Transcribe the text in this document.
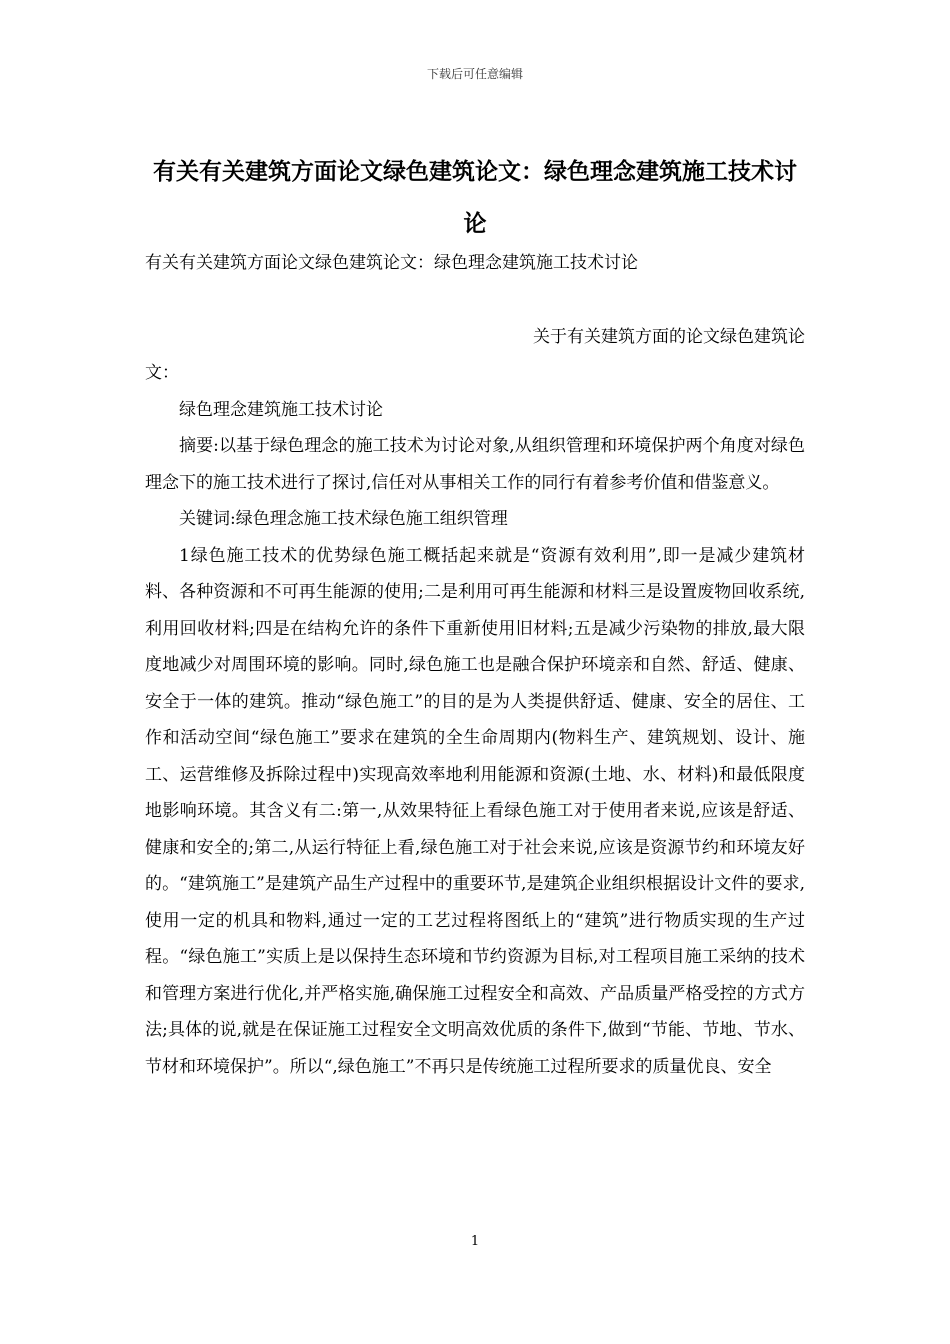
下载后可任意编辑
有关有关建筑方面论文绿色建筑论文：绿色理念建筑施工技术讨论

有关有关建筑方面论文绿色建筑论文：绿色理念建筑施工技术讨论

关于有关建筑方面的论文绿色建筑论

文：

绿色理念建筑施工技术讨论

摘要:以基于绿色理念的施工技术为讨论对象,从组织管理和环境保护两个角度对绿色理念下的施工技术进行了探讨,信任对从事相关工作的同行有着参考价值和借鉴意义。

关键词:绿色理念施工技术绿色施工组织管理

1绿色施工技术的优势绿色施工概括起来就是“资源有效利用”,即一是减少建筑材料、各种资源和不可再生能源的使用;二是利用可再生能源和材料三是设置废物回收系统,利用回收材料;四是在结构允许的条件下重新使用旧材料;五是减少污染物的排放,最大限度地减少对周围环境的影响。同时,绿色施工也是融合保护环境亲和自然、舒适、健康、安全于一体的建筑。推动“绿色施工”的目的是为人类提供舒适、健康、安全的居住、工作和活动空间“绿色施工”要求在建筑的全生命周期内(物料生产、建筑规划、设计、施工、运营维修及拆除过程中)实现高效率地利用能源和资源(土地、水、材料)和最低限度地影响环境。其含义有二:第一,从效果特征上看绿色施工对于使用者来说,应该是舒适、健康和安全的;第二,从运行特征上看,绿色施工对于社会来说,应该是资源节约和环境友好的。“建筑施工”是建筑产品生产过程中的重要环节,是建筑企业组织根据设计文件的要求,使用一定的机具和物料,通过一定的工艺过程将图纸上的“建筑”进行物质实现的生产过程。“绿色施工”实质上是以保持生态环境和节约资源为目标,对工程项目施工采纳的技术和管理方案进行优化,并严格实施,确保施工过程安全和高效、产品质量严格受控的方式方法;具体的说,就是在保证施工过程安全文明高效优质的条件下,做到“节能、节地、节水、节材和环境保护”。所以“,绿色施工”不再只是传统施工过程所要求的质量优良、安全

1
